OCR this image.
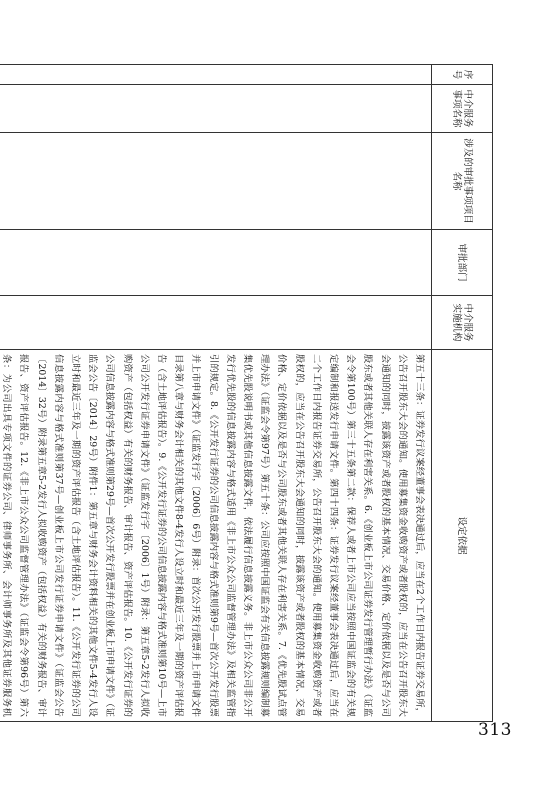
序号	中介服务事项名称	涉及的审批事项项目名称	审批部门	中介服务实施机构	设定依据
					第五十三条：证券发行议案经董事会表决通过后，应当在2个工作日内报告证券交易所，公告召开股东大会的通知。使用募集资金收购资产或者股权的，应当在公告召开股东大会通知的同时，披露该资产或者股权的基本情况、交易价格、定价依据以及是否与公司股东或者其他关联人存在利害关系。6.《创业板上市公司证券发行管理暂行办法》（证监会令第100号）第三十五条第二款：保荐人或者上市公司应当按照中国证监会的有关规定编制和报送发行申请文件。第四十四条：证券发行议案经董事会表决通过后，应当在二个工作日内报告证券交易所，公告召开股东大会的通知。使用募集资金收购资产或者股权的，应当在公告召开股东大会通知的同时，披露该资产或者股权的基本情况、交易价格、定价依据以及是否与公司股东或者其他关联人存在利害关系。7.《优先股试点管理办法》（证监会令第97号）第五十条：公司应按照中国证监会有关信息披露规则编制募集优先股说明书或其他信息披露文件，依法履行信息披露义务。非上市公众公司非公开发行优先股的信息披露内容与格式适用《非上市公众公司监督管理办法》及相关监管指引的规定。8.《公开发行证券的公司信息披露内容与格式准则第9号—首次公开发行股票并上市申请文件》（证监发行字〔2006〕6号）附录：首次公开发行股票并上市申请文件目录第八章与财务会计相关的其他文件8-4发行人设立时和最近三年及一期的资产评估报告（含土地评估报告）。9.《公开发行证券的公司信息披露内容与格式准则第10号—上市公司公开发行证券申请文件》（证监发行字〔2006〕1号）附录：第五章5-2发行人拟收购资产（包括权益）有关的财务报告、审计报告、资产评估报告。10.《公开发行证券的公司信息披露内容与格式准则第29号—首次公开发行股票并在创业板上市申请文件》（证监会公告〔2014〕29号）附件1：第五章与财务会计资料相关的其他文件5-4发行人设立时和最近三年及一期的资产评估报告（含土地评估报告）。11.《公开发行证券的公司信息披露内容与格式准则第37号—创业板上市公司发行证券申请文件》（证监会公告〔2014〕32号）附录第五章5-2发行人拟收购资产（包括权益）有关的财务报告、审计报告、资产评估报告。12.《非上市公众公司监督管理办法》（证监会令第96号）第六条：为公司出具专项文件的证券公司、律师事务所、会计师事务所及其他证券服务机
313
